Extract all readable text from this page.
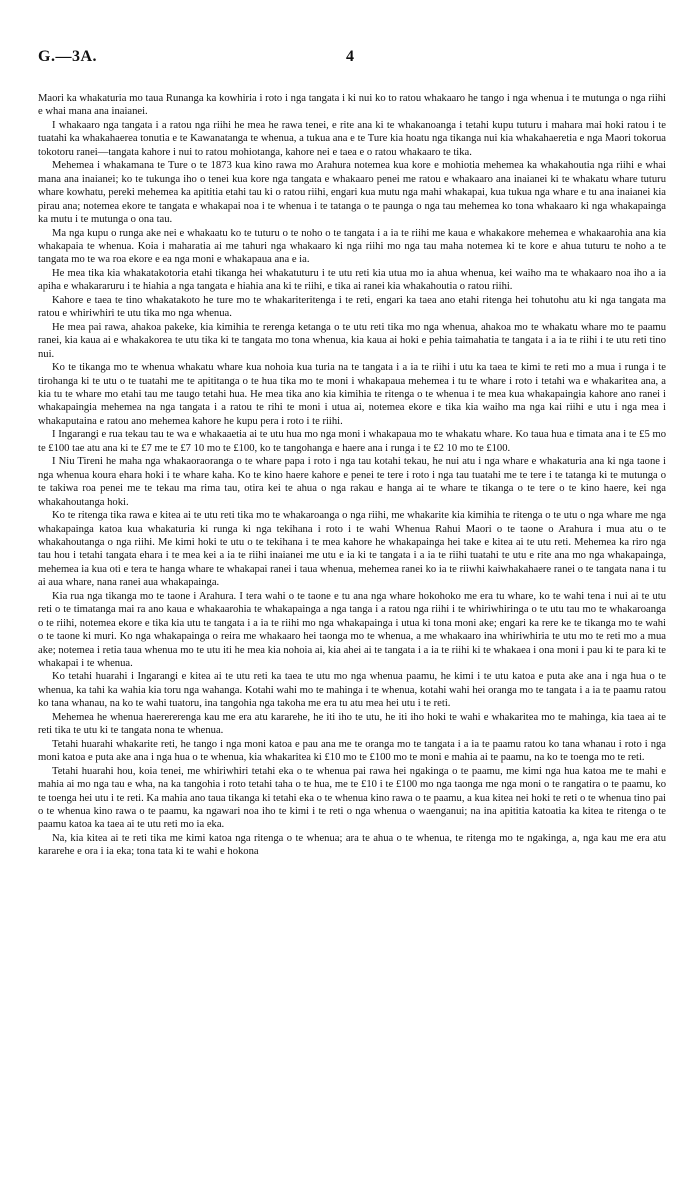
G.—3A.	4

Maori ka whakaturia mo taua Runanga ka kowhiria i roto i nga tangata i ki nui ko to ratou whakaaro he tango i nga whenua i te mutunga o nga riihi e whai mana ana inaianei.

I whakaaro nga tangata i a ratou nga riihi he mea he rawa tenei, e rite ana ki te whakanoanga i tetahi kupu tuturu i mahara mai hoki ratou i te tuatahi ka whakahaerea tonutia e te Kawanatanga te whenua, a tukua ana e te Ture kia hoatu nga tikanga nui kia whakahaeretia e nga Maori tokorua tokotoru ranei—tangata kahore i nui to ratou mohiotanga, kahore nei e taea e o ratou whakaaro te tika.

Mehemea i whakamana te Ture o te 1873 kua kino rawa mo Arahura notemea kua kore e mohiotia mehemea ka whakahoutia nga riihi e whai mana ana inaianei; ko te tukunga iho o tenei kua kore nga tangata e whakaaro penei me ratou e whakaaro ana inaianei ki te whakatu whare tuturu whare kowhatu, pereki mehemea ka apititia etahi tau ki o ratou riihi, engari kua mutu nga mahi whakapai, kua tukua nga whare e tu ana inaianei kia pirau ana; notemea ekore te tangata e whakapai noa i te whenua i te tatanga o te paunga o nga tau mehemea ko tona whakaaro ki nga whakapainga ka mutu i te mutunga o ona tau.

Ma nga kupu o runga ake nei e whakaatu ko te tuturu o te noho o te tangata i a ia te riihi me kaua e whakakore mehemea e whakaarohia ana kia whakapaia te whenua. Koia i maharatia ai me tahuri nga whakaaro ki nga riihi mo nga tau maha notemea ki te kore e ahua tuturu te noho a te tangata mo te wa roa ekore e ea nga moni e whakapaua ana e ia.

He mea tika kia whakatakotoria etahi tikanga hei whakatuturu i te utu reti kia utua mo ia ahua whenua, kei waiho ma te whakaaro noa iho a ia apiha e whakararuru i te hiahia a nga tangata e hiahia ana ki te riihi, e tika ai ranei kia whakahoutia o ratou riihi.

Kahore e taea te tino whakatakoto he ture mo te whakariteritenga i te reti, engari ka taea ano etahi ritenga hei tohutohu atu ki nga tangata ma ratou e whiriwhiri te utu tika mo nga whenua.

He mea pai rawa, ahakoa pakeke, kia kimihia te rerenga ketanga o te utu reti tika mo nga whenua, ahakoa mo te whakatu whare mo te paamu ranei, kia kaua ai e whakakorea te utu tika ki te tangata mo tona whenua, kia kaua ai hoki e pehia taimahatia te tangata i a ia te riihi i te utu reti tino nui.

Ko te tikanga mo te whenua whakatu whare kua nohoia kua turia na te tangata i a ia te riihi i utu ka taea te kimi te reti mo a mua i runga i te tirohanga ki te utu o te tuatahi me te apititanga o te hua tika mo te moni i whakapaua mehemea i tu te whare i roto i tetahi wa e whakaritea ana, a kia tu te whare mo etahi tau me taugo tetahi hua. He mea tika ano kia kimihia te ritenga o te whenua i te mea kua whakapaingia kahore ano ranei i whakapaingia mehemea na nga tangata i a ratou te rihi te moni i utua ai, notemea ekore e tika kia waiho ma nga kai riihi e utu i nga mea i whakaputaina e ratou ano mehemea kahore he kupu pera i roto i te riihi.

I Ingarangi e rua tekau tau te wa e whakaaetia ai te utu hua mo nga moni i whakapaua mo te whakatu whare. Ko taua hua e timata ana i te £5 mo te £100 tae atu ana ki te £7 me te £7 10 mo te £100, ko te tangohanga e haere ana i runga i te £2 10 mo te £100.

I Niu Tireni he maha nga whakaoraoranga o te whare papa i roto i nga tau kotahi tekau, he nui atu i nga whare e whakaturia ana ki nga taone i nga whenua koura ehara hoki i te whare kaha. Ko te kino haere kahore e penei te tere i roto i nga tau tuatahi me te tere i te tatanga ki te mutunga o te takiwa roa penei me te tekau ma rima tau, otira kei te ahua o nga rakau e hanga ai te whare te tikanga o te tere o te kino haere, kei nga whakahoutanga hoki.

Ko te ritenga tika rawa e kitea ai te utu reti tika mo te whakaroanga o nga riihi, me whakarite kia kimihia te ritenga o te utu o nga whare me nga whakapainga katoa kua whakaturia ki runga ki nga tekihana i roto i te wahi Whenua Rahui Maori o te taone o Arahura i mua atu o te whakahoutanga o nga riihi. Me kimi hoki te utu o te tekihana i te mea kahore he whakapainga hei take e kitea ai te utu reti. Mehemea ka riro nga tau hou i tetahi tangata ehara i te mea kei a ia te riihi inaianei me utu e ia ki te tangata i a ia te riihi tuatahi te utu e rite ana mo nga whakapainga, mehemea ia kua oti e tera te hanga whare te whakapai ranei i taua whenua, mehemea ranei ko ia te riiwhi kaiwhakahaere ranei o te tangata nana i tu ai aua whare, nana ranei aua whakapainga.

Kia rua nga tikanga mo te taone i Arahura. I tera wahi o te taone e tu ana nga whare hokohoko me era tu whare, ko te wahi tena i nui ai te utu reti o te timatanga mai ra ano kaua e whakaarohia te whakapainga a nga tanga i a ratou nga riihi i te whiriwhiringa o te utu tau mo te whakaroanga o te riihi, notemea ekore e tika kia utu te tangata i a ia te riihi mo nga whakapainga i utua ki tona moni ake; engari ka rere ke te tikanga mo te wahi o te taone ki muri. Ko nga whakapainga o reira me whakaaro hei taonga mo te whenua, a me whakaaro ina whiriwhiria te utu mo te reti mo a mua ake; notemea i retia taua whenua mo te utu iti he mea kia nohoia ai, kia ahei ai te tangata i a ia te riihi ki te whakaea i ona moni i pau ki te para ki te whakapai i te whenua.

Ko tetahi huarahi i Ingarangi e kitea ai te utu reti ka taea te utu mo nga whenua paamu, he kimi i te utu katoa e puta ake ana i nga hua o te whenua, ka tahi ka wahia kia toru nga wahanga. Kotahi wahi mo te mahinga i te whenua, kotahi wahi hei oranga mo te tangata i a ia te paamu ratou ko tana whanau, na ko te wahi tuatoru, ina tangohia nga takoha me era tu atu mea hei utu i te reti.

Mehemea he whenua haerererenga kau me era atu kararehe, he iti iho te utu, he iti iho hoki te wahi e whakaritea mo te mahinga, kia taea ai te reti tika te utu ki te tangata nona te whenua.

Tetahi huarahi whakarite reti, he tango i nga moni katoa e pau ana me te oranga mo te tangata i a ia te paamu ratou ko tana whanau i roto i nga moni katoa e puta ake ana i nga hua o te whenua, kia whakaritea ki £10 mo te £100 mo te moni e mahia ai te paamu, na ko te toenga mo te reti.

Tetahi huarahi hou, koia tenei, me whiriwhiri tetahi eka o te whenua pai rawa hei ngakinga o te paamu, me kimi nga hua katoa me te mahi e mahia ai mo nga tau e wha, na ka tangohia i roto tetahi taha o te hua, me te £10 i te £100 mo nga taonga me nga moni o te rangatira o te paamu, ko te toenga hei utu i te reti. Ka mahia ano taua tikanga ki tetahi eka o te whenua kino rawa o te paamu, a kua kitea nei hoki te reti o te whenua tino pai o te whenua kino rawa o te paamu, ka ngawari noa iho te kimi i te reti o nga whenua o waenganui; na ina apititia katoatia ka kitea te ritenga o te paamu katoa ka taea ai te utu reti mo ia eka.

Na, kia kitea ai te reti tika me kimi katoa nga ritenga o te whenua; ara te ahua o te whenua, te ritenga mo te ngakinga, a, nga kau me era atu kararehe e ora i ia eka; tona tata ki te wahi e hokona
